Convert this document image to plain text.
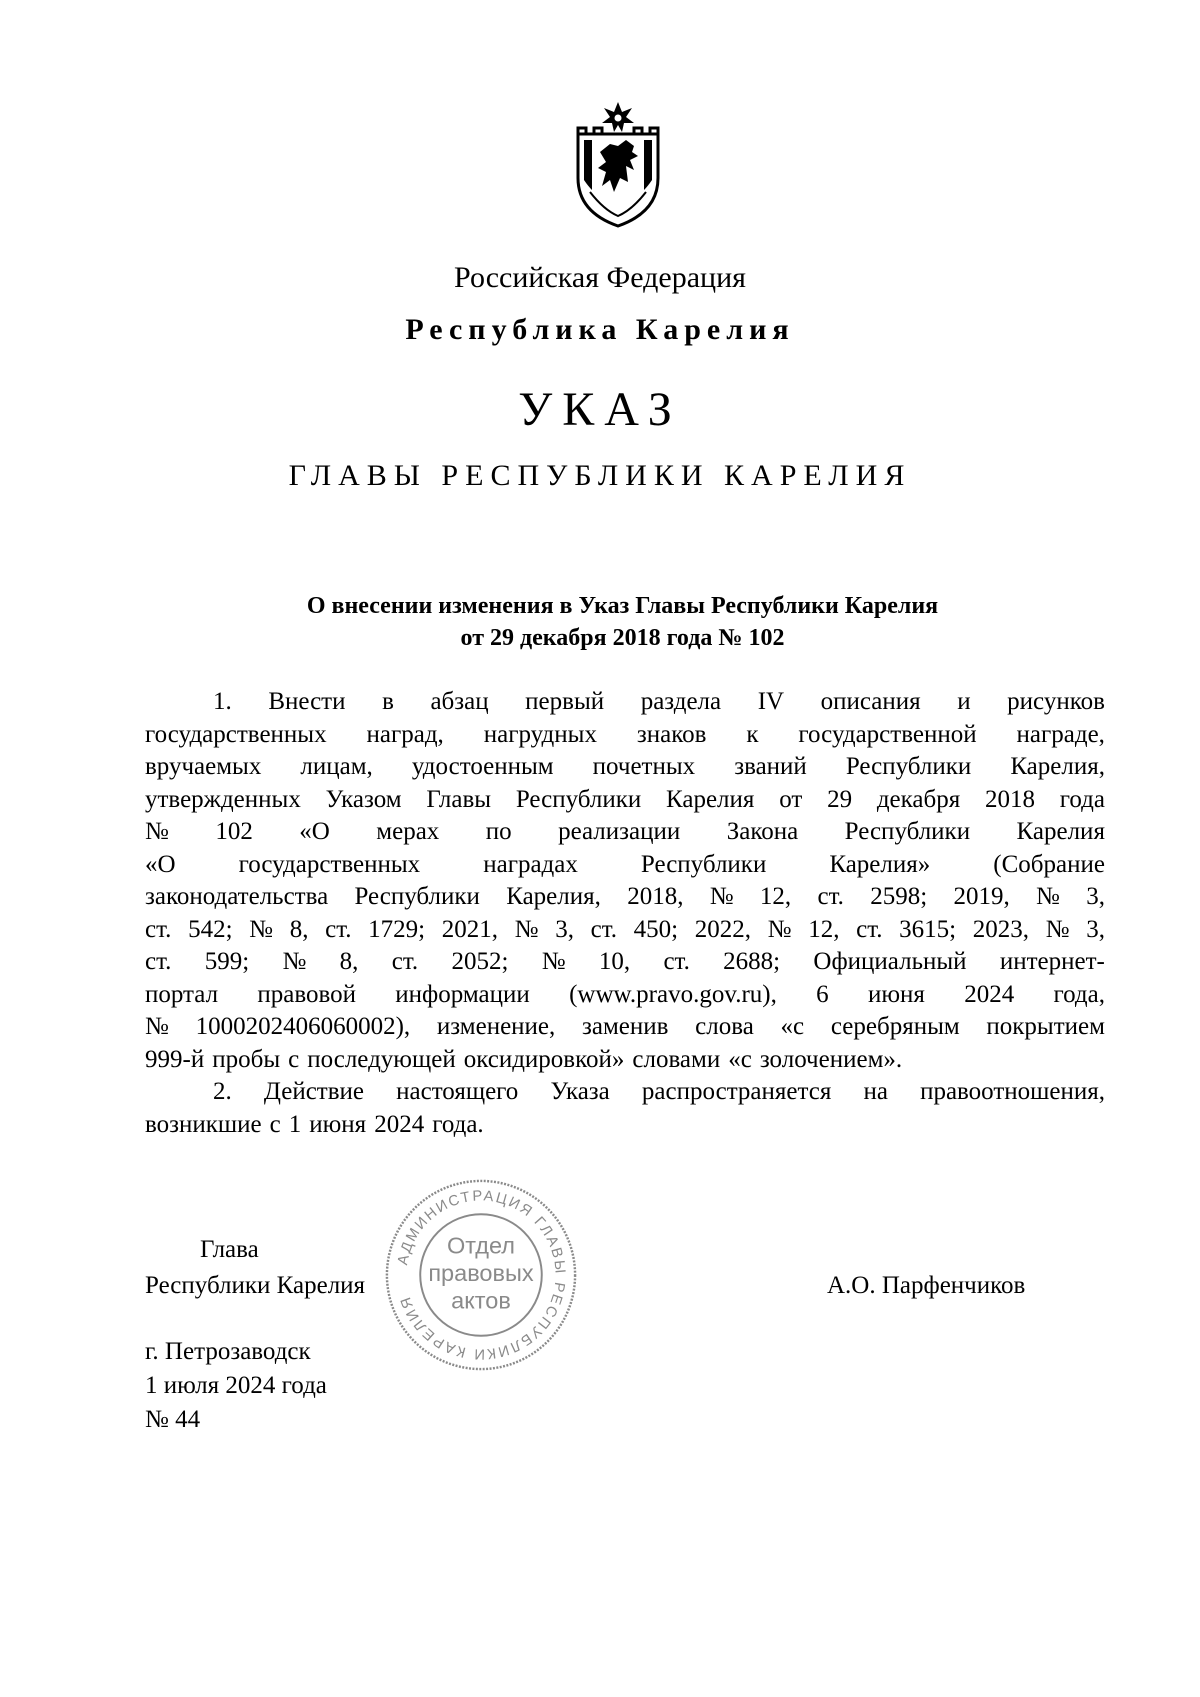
Российская Федерация
Республика Карелия
УКАЗ
ГЛАВЫ РЕСПУБЛИКИ КАРЕЛИЯ
О внесении изменения в Указ Главы Республики Карелия
от 29 декабря 2018 года № 102
1. Внести в абзац первый раздела IV описания и рисунков
государственных наград, нагрудных знаков к государственной награде,
вручаемых лицам, удостоенным почетных званий Республики Карелия,
утвержденных Указом Главы Республики Карелия от 29 декабря 2018 года
№ 102 «О мерах по реализации Закона Республики Карелия
«О	государственных	наградах	Республики	Карелия»	(Собрание
законодательства Республики Карелия, 2018, № 12, ст. 2598; 2019, № 3,
ст. 542; № 8, ст. 1729; 2021, № 3, ст. 450; 2022, № 12, ст. 3615; 2023, № 3,
ст. 599; № 8, ст. 2052; № 10, ст. 2688; Официальный интернет-
портал правовой информации (www.pravo.gov.ru), 6 июня 2024 года,
№ 1000202406060002), изменение, заменив слова «с серебряным покрытием
999-й пробы с последующей оксидировкой» словами «с золочением».
2. Действие настоящего Указа распространяется на правоотношения,
возникшие с 1 июня 2024 года.
АДМИНИСТРАЦИЯ ГЛАВЫ РЕСПУБЛИКИ КАРЕЛИЯ
Отдел
правовых
актов
Глава
Республики Карелия	А.О. Парфенчиков
г. Петрозаводск
1 июля 2024 года
№ 44
